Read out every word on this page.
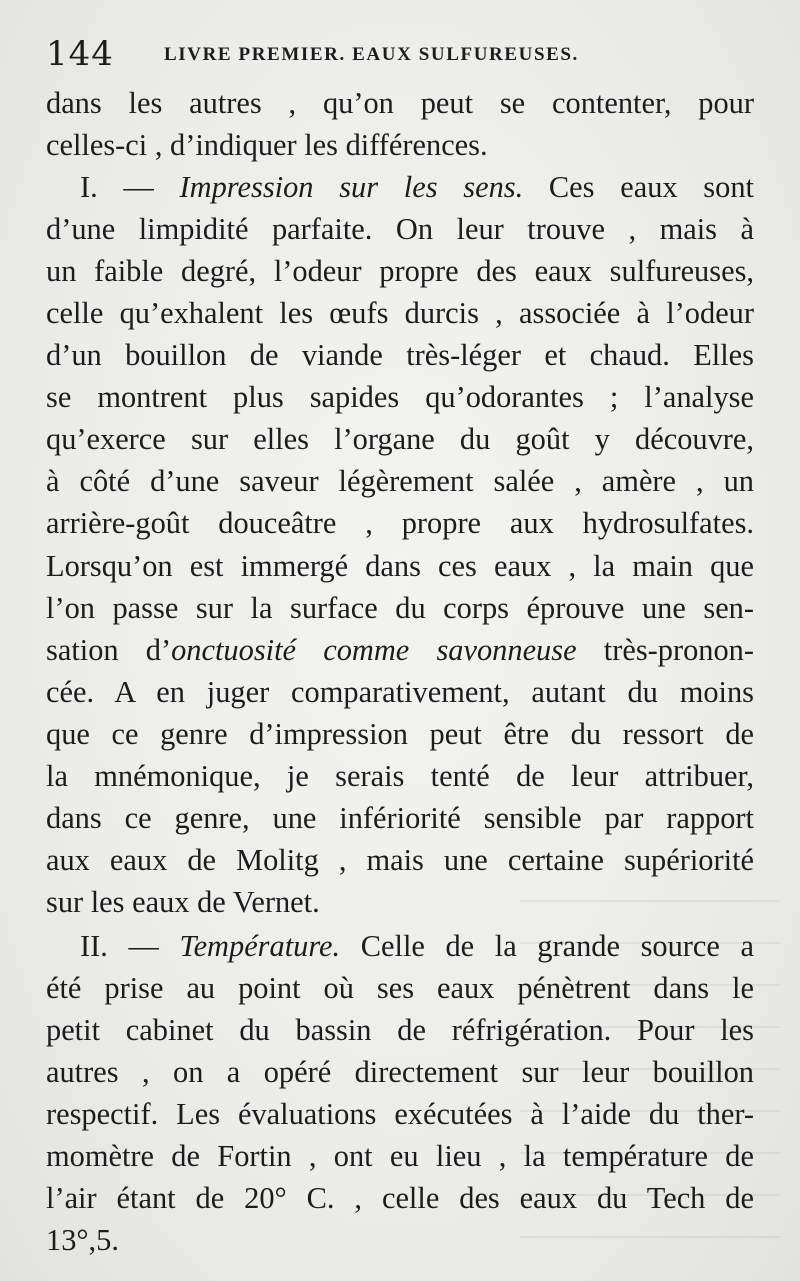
144	LIVRE PREMIER. EAUX SULFUREUSES.

dans les autres , qu’on peut se contenter, pour
celles-ci , d’indiquer les différences.

I. — Impression sur les sens. Ces eaux sont
d’une limpidité parfaite. On leur trouve , mais à
un faible degré, l’odeur propre des eaux sulfureuses,
celle qu’exhalent les œufs durcis , associée à l’odeur
d’un bouillon de viande très-léger et chaud. Elles
se montrent plus sapides qu’odorantes ; l’analyse
qu’exerce sur elles l’organe du goût y découvre,
à côté d’une saveur légèrement salée , amère , un
arrière-goût douceâtre , propre aux hydrosulfates.
Lorsqu’on est immergé dans ces eaux , la main que
l’on passe sur la surface du corps éprouve une sen-
sation d’onctuosité comme savonneuse très-pronon-
cée. A en juger comparativement, autant du moins
que ce genre d’impression peut être du ressort de
la mnémonique, je serais tenté de leur attribuer,
dans ce genre, une infériorité sensible par rapport
aux eaux de Molitg , mais une certaine supériorité
sur les eaux de Vernet.

II. — Température. Celle de la grande source a
été prise au point où ses eaux pénètrent dans le
petit cabinet du bassin de réfrigération. Pour les
autres , on a opéré directement sur leur bouillon
respectif. Les évaluations exécutées à l’aide du ther-
momètre de Fortin , ont eu lieu , la température de
l’air étant de 20° C. , celle des eaux du Tech de
13°,5.
